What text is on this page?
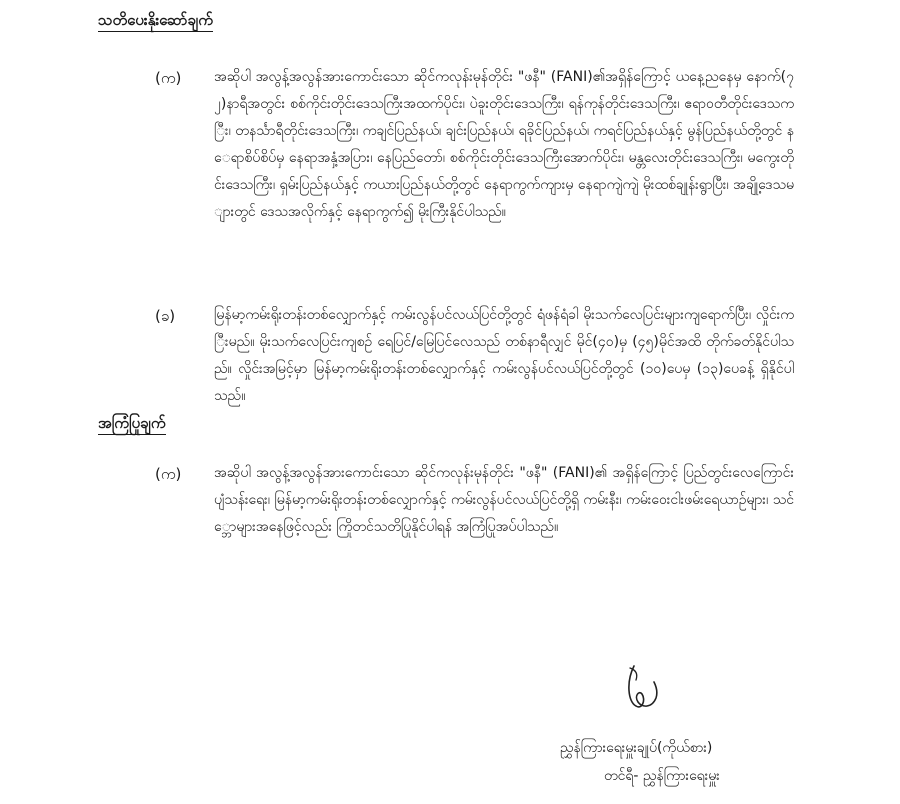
သတိပေးနိုးဆော်ချက်
(က) အဆိုပါ အလွန့်အလွန်အားကောင်းသော ဆိုင်ကလုန်းမုန်တိုင်း "ဖနီ" (FANI)၏အရှိန်ကြောင့် ယနေ့ညနေမှ နောက်(၇၂)နာရီအတွင်း စစ်ကိုင်းတိုင်းဒေသကြီးအထက်ပိုင်း၊ ပဲခူးတိုင်းဒေသကြီး၊ ရန်ကုန်တိုင်းဒေသကြီး၊ ဧရာဝတီတိုင်းဒေသကြီး၊ တနင်္သာရီတိုင်းဒေသကြီး၊ ကချင်ပြည်နယ်၊ ချင်းပြည်နယ်၊ ရခိုင်ပြည်နယ်၊ ကရင်ပြည်နယ်နှင့် မွန်ပြည်နယ်တို့တွင် နေရာစိပ်စိပ်မှ နေရာအနှံ့အပြား၊ နေပြည်တော်၊ စစ်ကိုင်းတိုင်းဒေသကြီးအောက်ပိုင်း၊ မန္တလေးတိုင်းဒေသကြီး၊ မကွေးတိုင်းဒေသကြီး၊ ရှမ်းပြည်နယ်နှင့် ကယားပြည်နယ်တို့တွင် နေရာကွက်ကျားမှ နေရာကျဲကျဲ မိုးထစ်ချုန်းရွာပြီး၊ အချို့ဒေသများတွင် ဒေသအလိုက်နှင့် နေရာကွက်၍ မိုးကြီးနိုင်ပါသည်။
(ခ)	မြန်မာ့ကမ်းရိုးတန်းတစ်လျှောက်နှင့် ကမ်းလွန်ပင်လယ်ပြင်တို့တွင် ရံဖန်ရံခါ မိုးသက်လေပြင်းများကျရောက်ပြီး၊ လှိုင်းကြီးမည်။ မိုးသက်လေပြင်းကျစဉ် ရေပြင်/မြေပြင်လေသည် တစ်နာရီလျှင် မိုင်(၄၀)မှ (၄၅)မိုင်အထိ တိုက်ခတ်နိုင်ပါသည်။ လှိုင်းအမြင့်မှာ မြန်မာ့ကမ်းရိုးတန်းတစ်လျှောက်နှင့် ကမ်းလွန်ပင်လယ်ပြင်တို့တွင် (၁၀)ပေမှ (၁၃)ပေခန့် ရှိနိုင်ပါသည်။
အကြံပြုချက်
(က) အဆိုပါ အလွန့်အလွန်အားကောင်းသော ဆိုင်ကလုန်းမုန်တိုင်း "ဖနီ" (FANI)၏ အရှိန်ကြောင့် ပြည်တွင်းလေကြောင်းပျံသန်းရေး၊ မြန်မာ့ကမ်းရိုးတန်းတစ်လျှောက်နှင့် ကမ်းလွန်ပင်လယ်ပြင်တို့ရှိ ကမ်းနီး၊ ကမ်းဝေးငါးဖမ်းရေယာဉ်များ၊ သင်္ဘောများအနေဖြင့်လည်း ကြိုတင်သတိပြုနိုင်ပါရန် အကြံပြုအပ်ပါသည်။
ညွှန်ကြားရေးမှူးချုပ်(ကိုယ်စား)
တင်ရီ- ညွှန်ကြားရေးမှူး
